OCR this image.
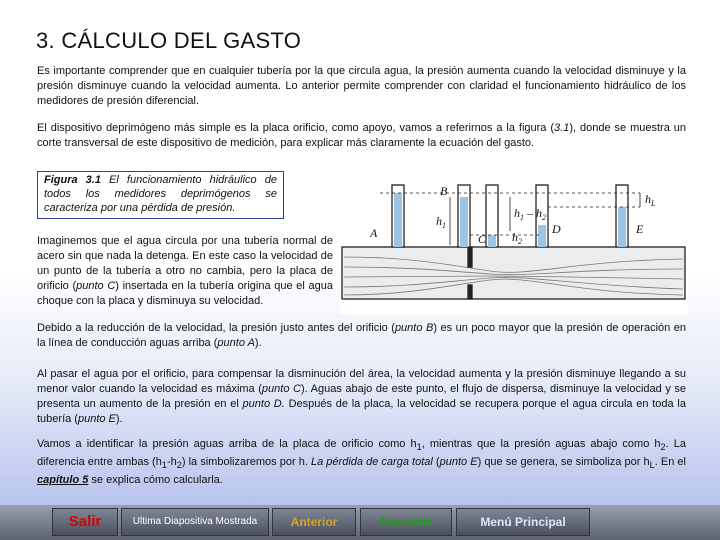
3. CÁLCULO DEL GASTO

Es importante comprender que en cualquier tubería por la que circula agua, la presión aumenta cuando la velocidad disminuye y la presión disminuye cuando la velocidad aumenta. Lo anterior permite comprender con claridad el funcionamiento hidráulico de los medidores de presión diferencial.

El dispositivo deprimógeno más simple es la placa orificio, como apoyo, vamos a referirnos a la figura (3.1), donde se muestra un corte transversal de este dispositivo de medición, para explicar más claramente la ecuación del gasto.

Figura 3.1 El funcionamiento hidráulico de todos los medidores deprimógenos se caracteriza por una pérdida de presión.
A
B
C
D	E
$h_1$
$h_1 - h_2$
$h_2$
$h_L$

Imaginemos que el agua circula por una tubería normal de acero sin que nada la detenga. En este caso la velocidad de un punto de la tubería a otro no cambia, pero la placa de orificio (punto C) insertada en la tubería origina que el agua choque con la placa y disminuya su velocidad.

Debido a la reducción de la velocidad, la presión justo antes del orificio (punto B) es un poco mayor que la presión de operación en la línea de conducción aguas arriba (punto A).

Al pasar el agua por el orificio, para compensar la disminución del área, la velocidad aumenta y la presión disminuye llegando a su menor valor cuando la velocidad es máxima (punto C). Aguas abajo de este punto, el flujo de dispersa, disminuye la velocidad y se presenta un aumento de la presión en el punto D. Después de la placa, la velocidad se recupera porque el agua circula en toda la tubería (punto E).

Vamos a identificar la presión aguas arriba de la placa de orificio como $h_1$, mientras que la presión aguas abajo como $h_2$. La diferencia entre ambas $(h_1-h_2)$ la simbolizaremos por h. La pérdida de carga total (punto E) que se genera, se simboliza por $h_L$. En el capítulo 5 se explica cómo calcularla.

Salir	Ultima Diapositiva Mostrada	Anterior	Siguiente	Menú Principal
